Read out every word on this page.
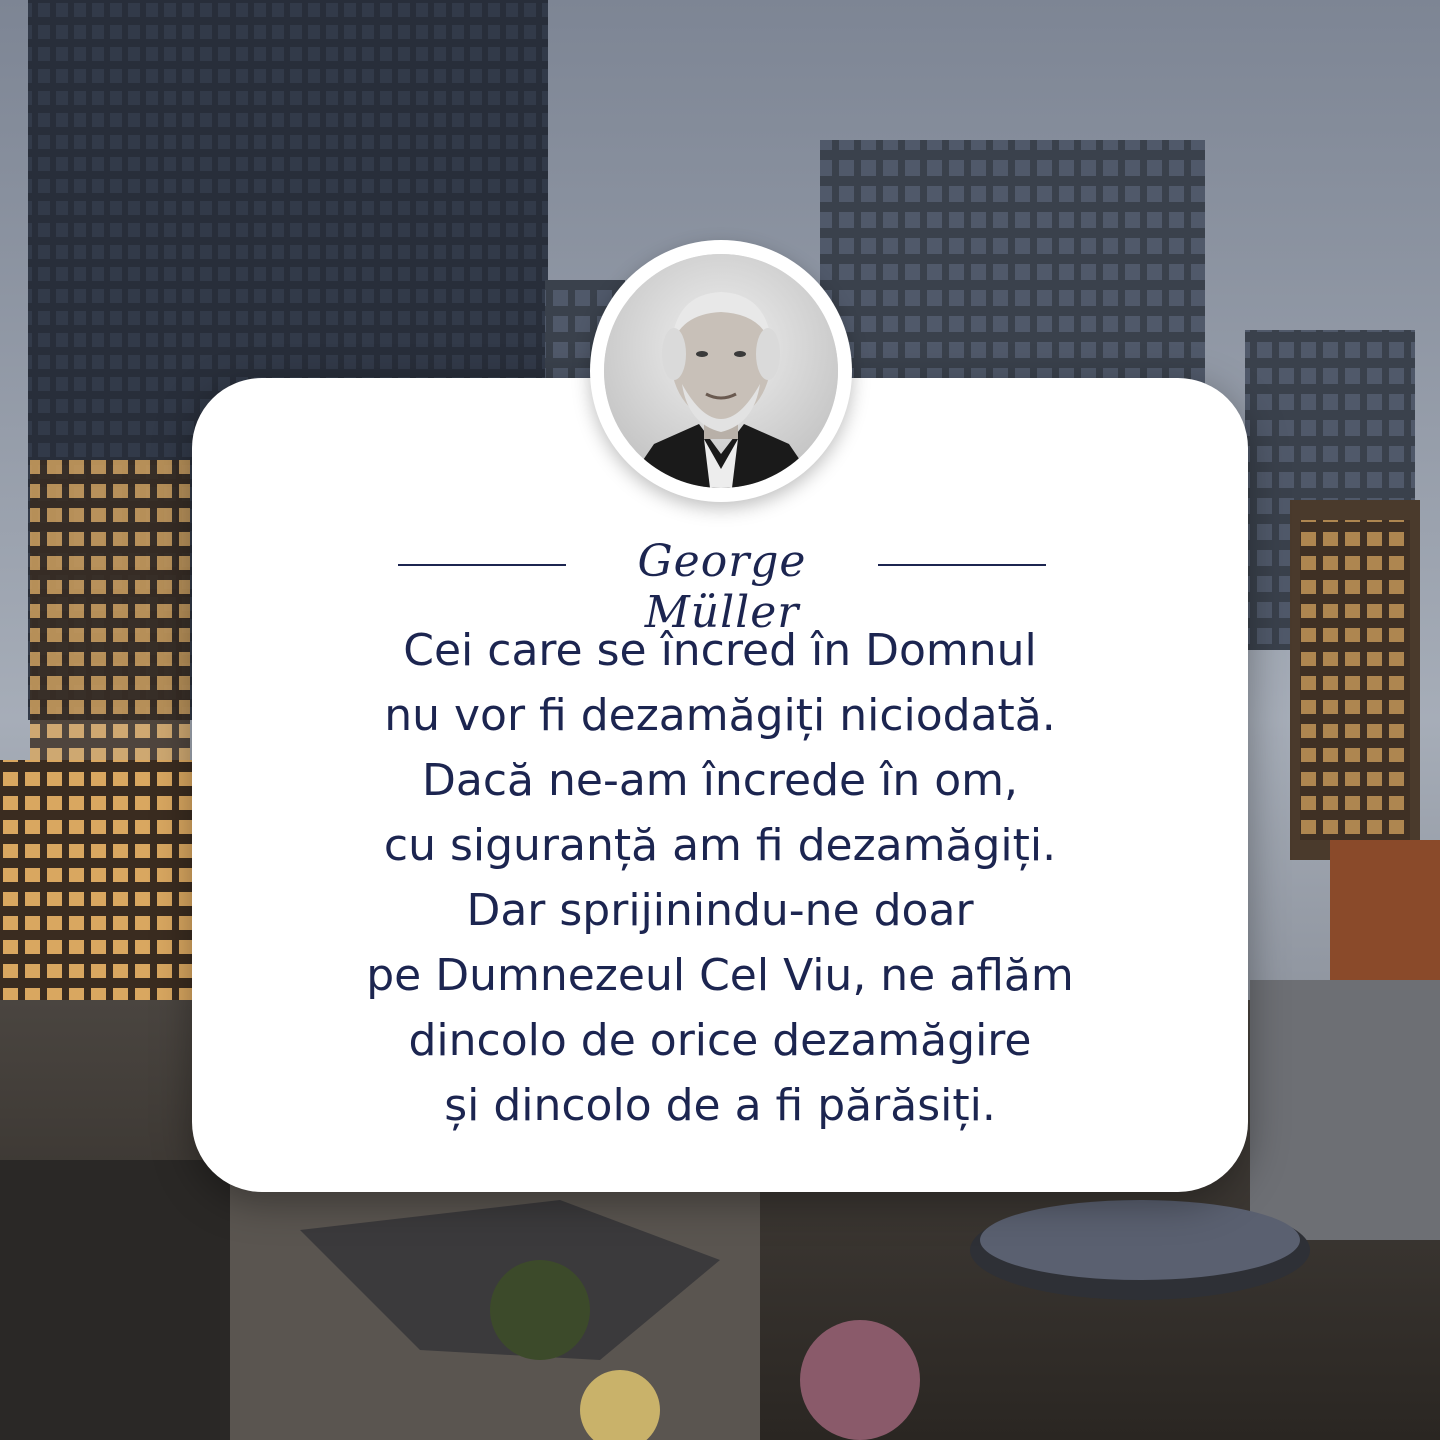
George Müller
Cei care se încred în Domnul
nu vor fi dezamăgiți niciodată.
Dacă ne-am încrede în om,
cu siguranță am fi dezamăgiți.
Dar sprijinindu-ne doar
pe Dumnezeul Cel Viu, ne aflăm
dincolo de orice dezamăgire
și dincolo de a fi părăsiți.
